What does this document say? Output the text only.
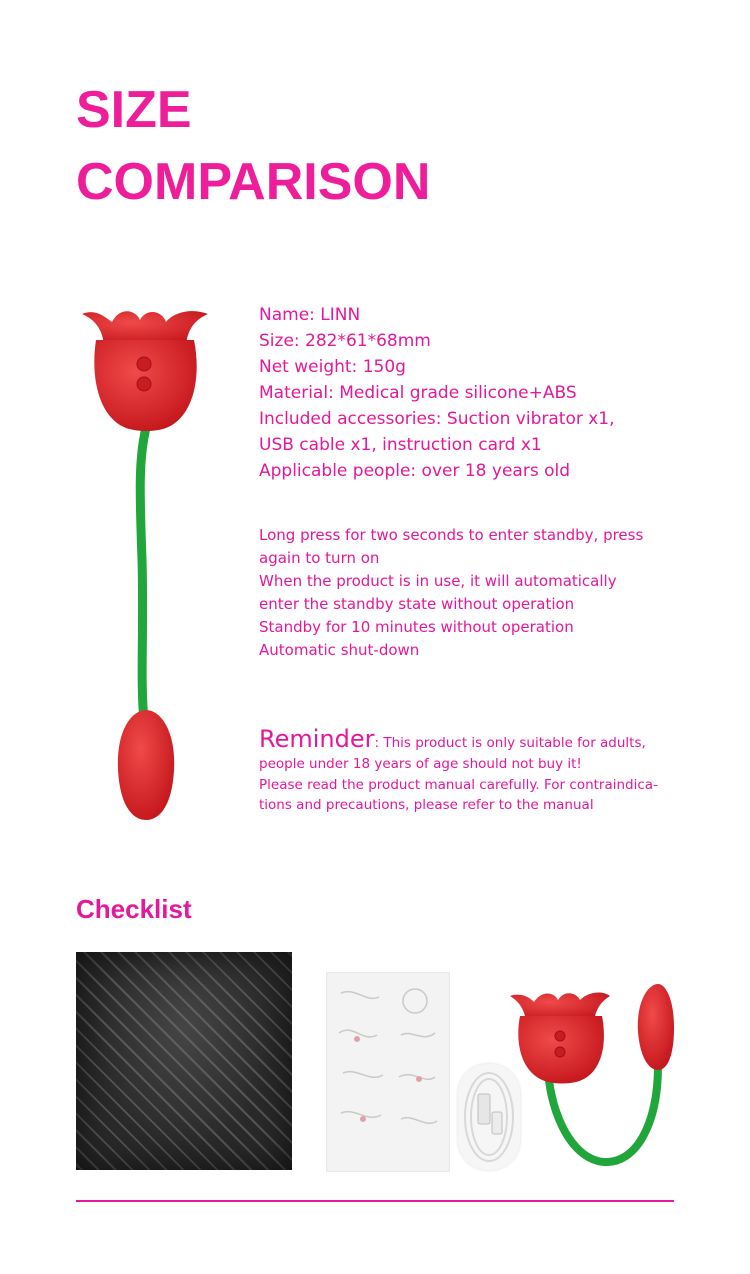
SIZE
COMPARISON
Name: LINN
Size: 282*61*68mm
Net weight: 150g
Material: Medical grade silicone+ABS
Included accessories: Suction vibrator x1,
USB cable x1, instruction card x1
Applicable people: over 18 years old
Long press for two seconds to enter standby, press
again to turn on
When the product is in use, it will automatically
enter the standby state without operation
Standby for 10 minutes without operation
Automatic shut-down
Reminder: This product is only suitable for adults,
people under 18 years of age should not buy it!
Please read the product manual carefully. For contraindica-
tions and precautions, please refer to the manual
Checklist
